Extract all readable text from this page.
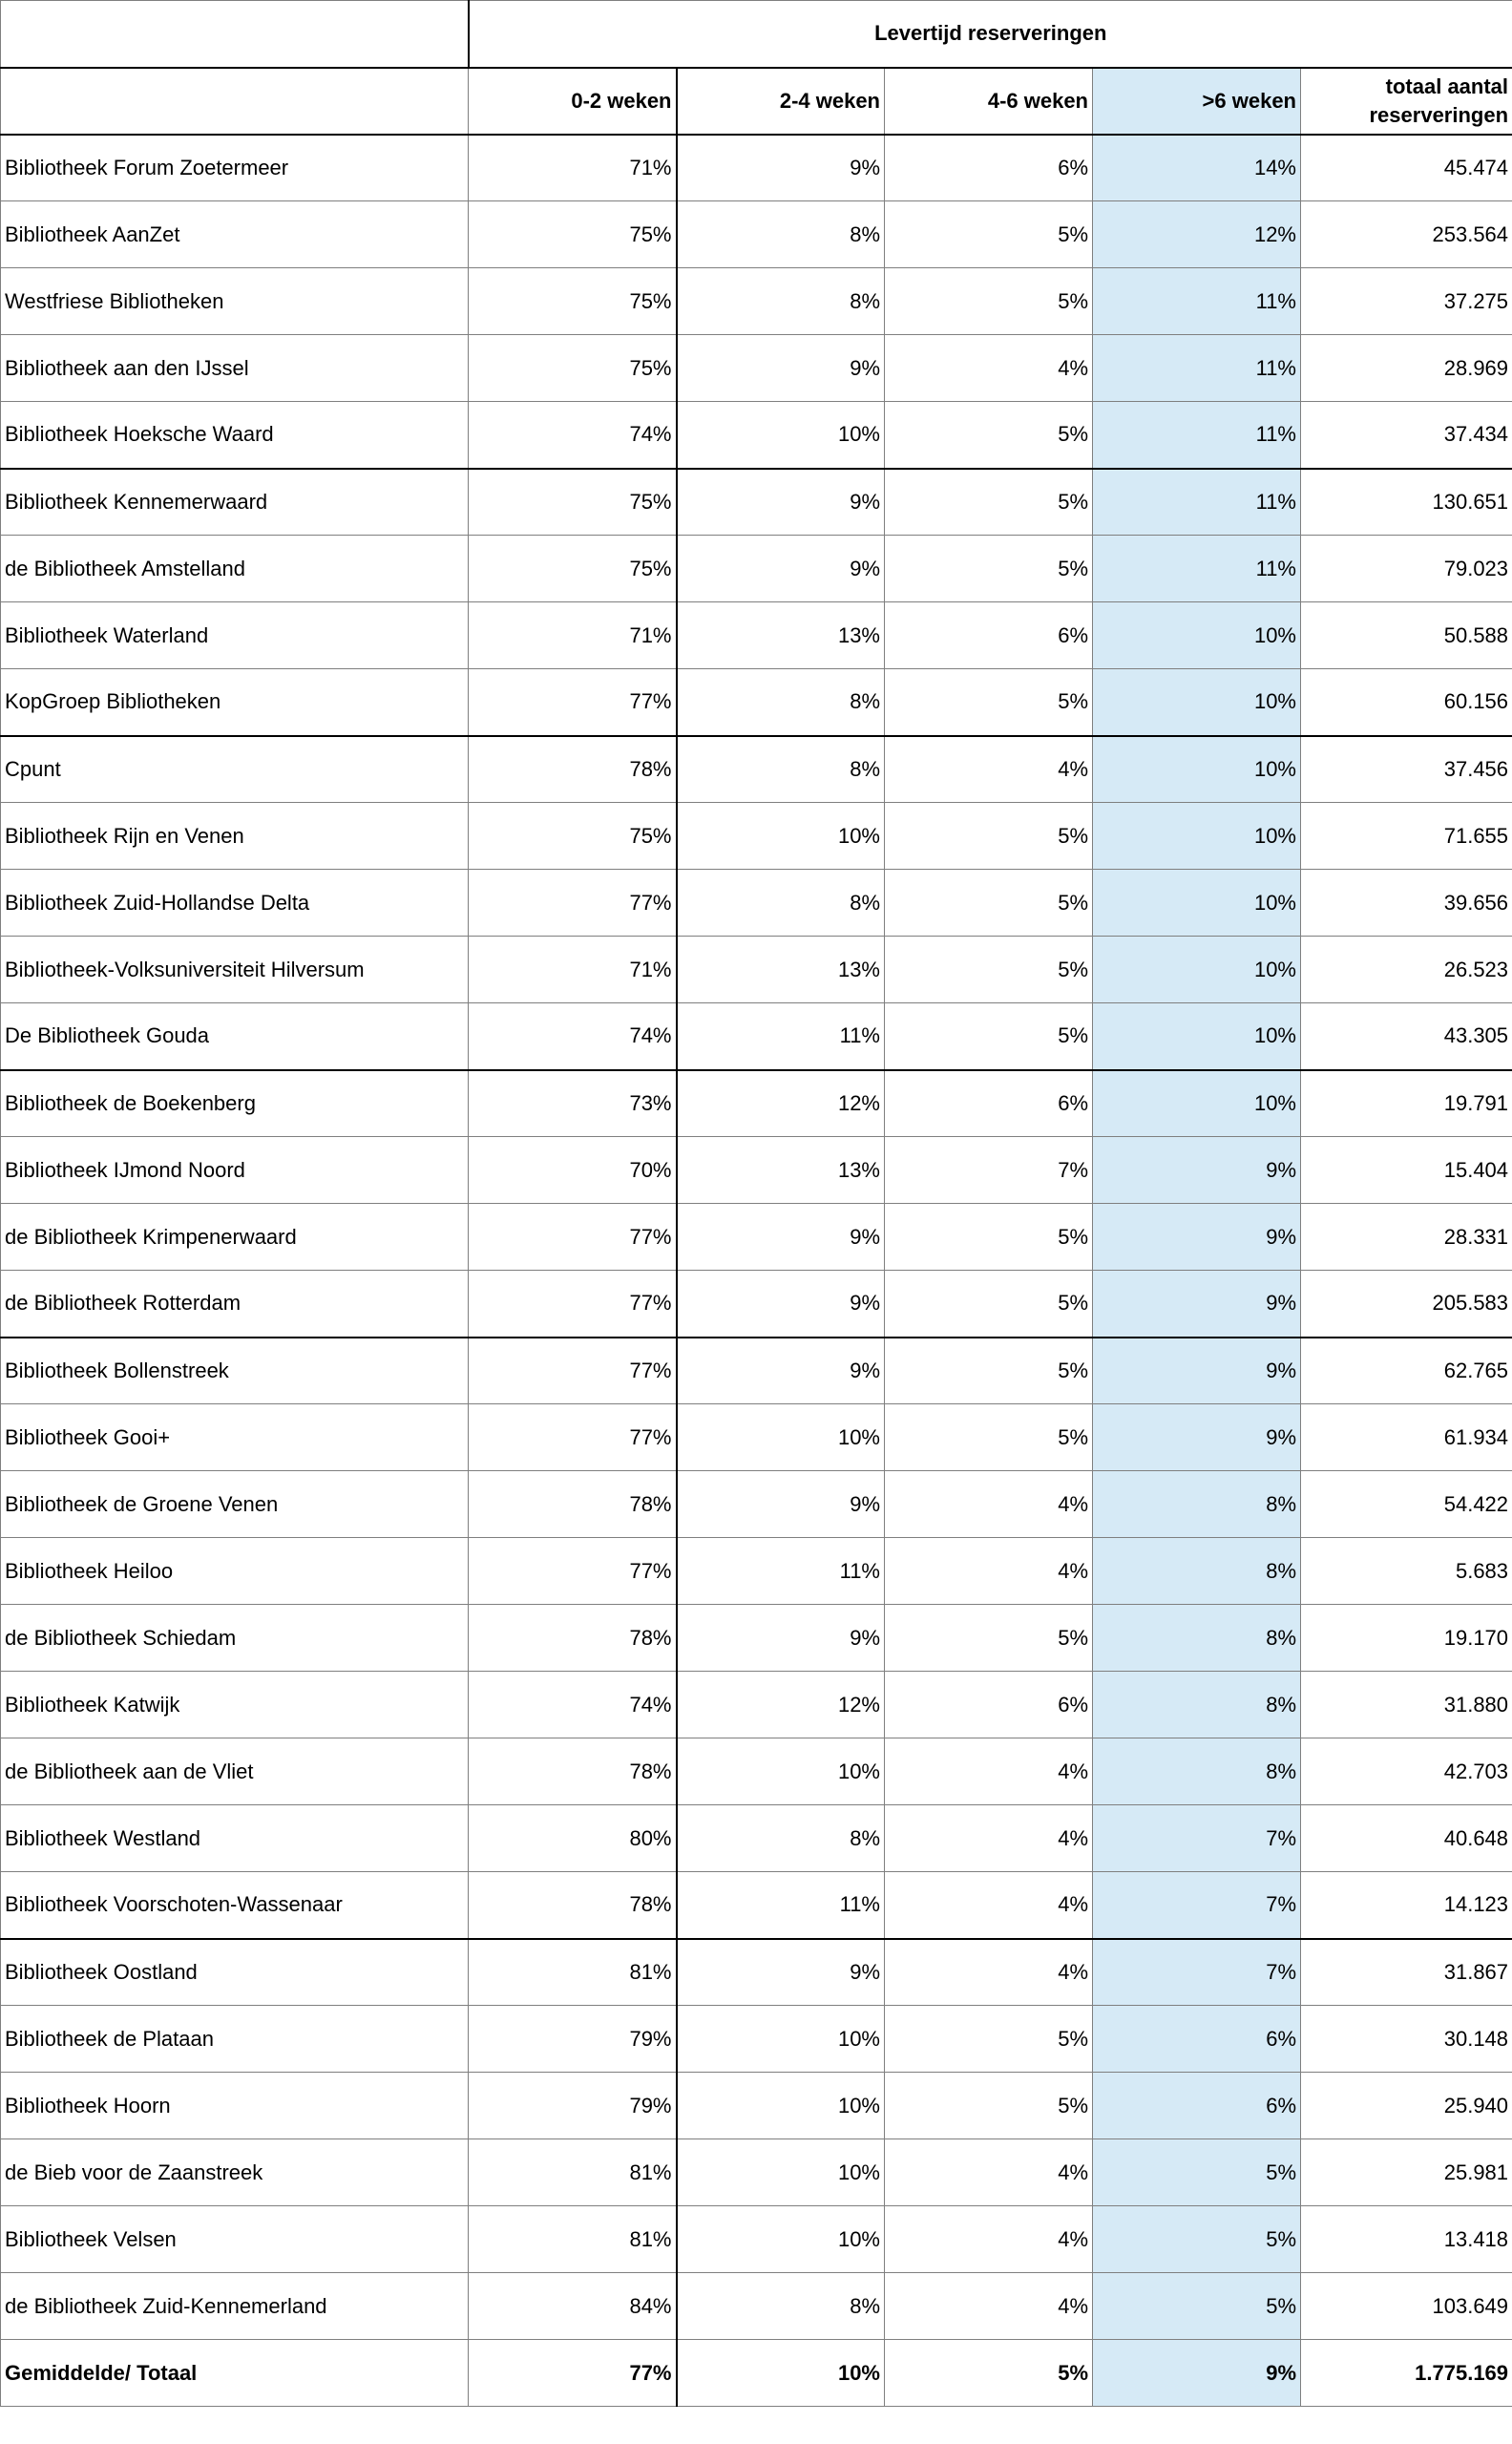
	Levertijd reserveringen				
	0-2 weken	2-4 weken	4-6 weken	>6 weken	totaal aantal reserveringen
Bibliotheek Forum Zoetermeer	71%	9%	6%	14%	45.474
Bibliotheek AanZet	75%	8%	5%	12%	253.564
Westfriese Bibliotheken	75%	8%	5%	11%	37.275
Bibliotheek aan den IJssel	75%	9%	4%	11%	28.969
Bibliotheek Hoeksche Waard	74%	10%	5%	11%	37.434
Bibliotheek Kennemerwaard	75%	9%	5%	11%	130.651
de Bibliotheek Amstelland	75%	9%	5%	11%	79.023
Bibliotheek Waterland	71%	13%	6%	10%	50.588
KopGroep Bibliotheken	77%	8%	5%	10%	60.156
Cpunt	78%	8%	4%	10%	37.456
Bibliotheek Rijn en Venen	75%	10%	5%	10%	71.655
Bibliotheek Zuid-Hollandse Delta	77%	8%	5%	10%	39.656
Bibliotheek-Volksuniversiteit Hilversum	71%	13%	5%	10%	26.523
De Bibliotheek Gouda	74%	11%	5%	10%	43.305
Bibliotheek de Boekenberg	73%	12%	6%	10%	19.791
Bibliotheek IJmond Noord	70%	13%	7%	9%	15.404
de Bibliotheek Krimpenerwaard	77%	9%	5%	9%	28.331
de Bibliotheek Rotterdam	77%	9%	5%	9%	205.583
Bibliotheek Bollenstreek	77%	9%	5%	9%	62.765
Bibliotheek Gooi+	77%	10%	5%	9%	61.934
Bibliotheek de Groene Venen	78%	9%	4%	8%	54.422
Bibliotheek Heiloo	77%	11%	4%	8%	5.683
de Bibliotheek Schiedam	78%	9%	5%	8%	19.170
Bibliotheek Katwijk	74%	12%	6%	8%	31.880
de Bibliotheek aan de Vliet	78%	10%	4%	8%	42.703
Bibliotheek Westland	80%	8%	4%	7%	40.648
Bibliotheek Voorschoten-Wassenaar	78%	11%	4%	7%	14.123
Bibliotheek Oostland	81%	9%	4%	7%	31.867
Bibliotheek de Plataan	79%	10%	5%	6%	30.148
Bibliotheek Hoorn	79%	10%	5%	6%	25.940
de Bieb voor de Zaanstreek	81%	10%	4%	5%	25.981
Bibliotheek Velsen	81%	10%	4%	5%	13.418
de Bibliotheek Zuid-Kennemerland	84%	8%	4%	5%	103.649
Gemiddelde/ Totaal	77%	10%	5%	9%	1.775.169
